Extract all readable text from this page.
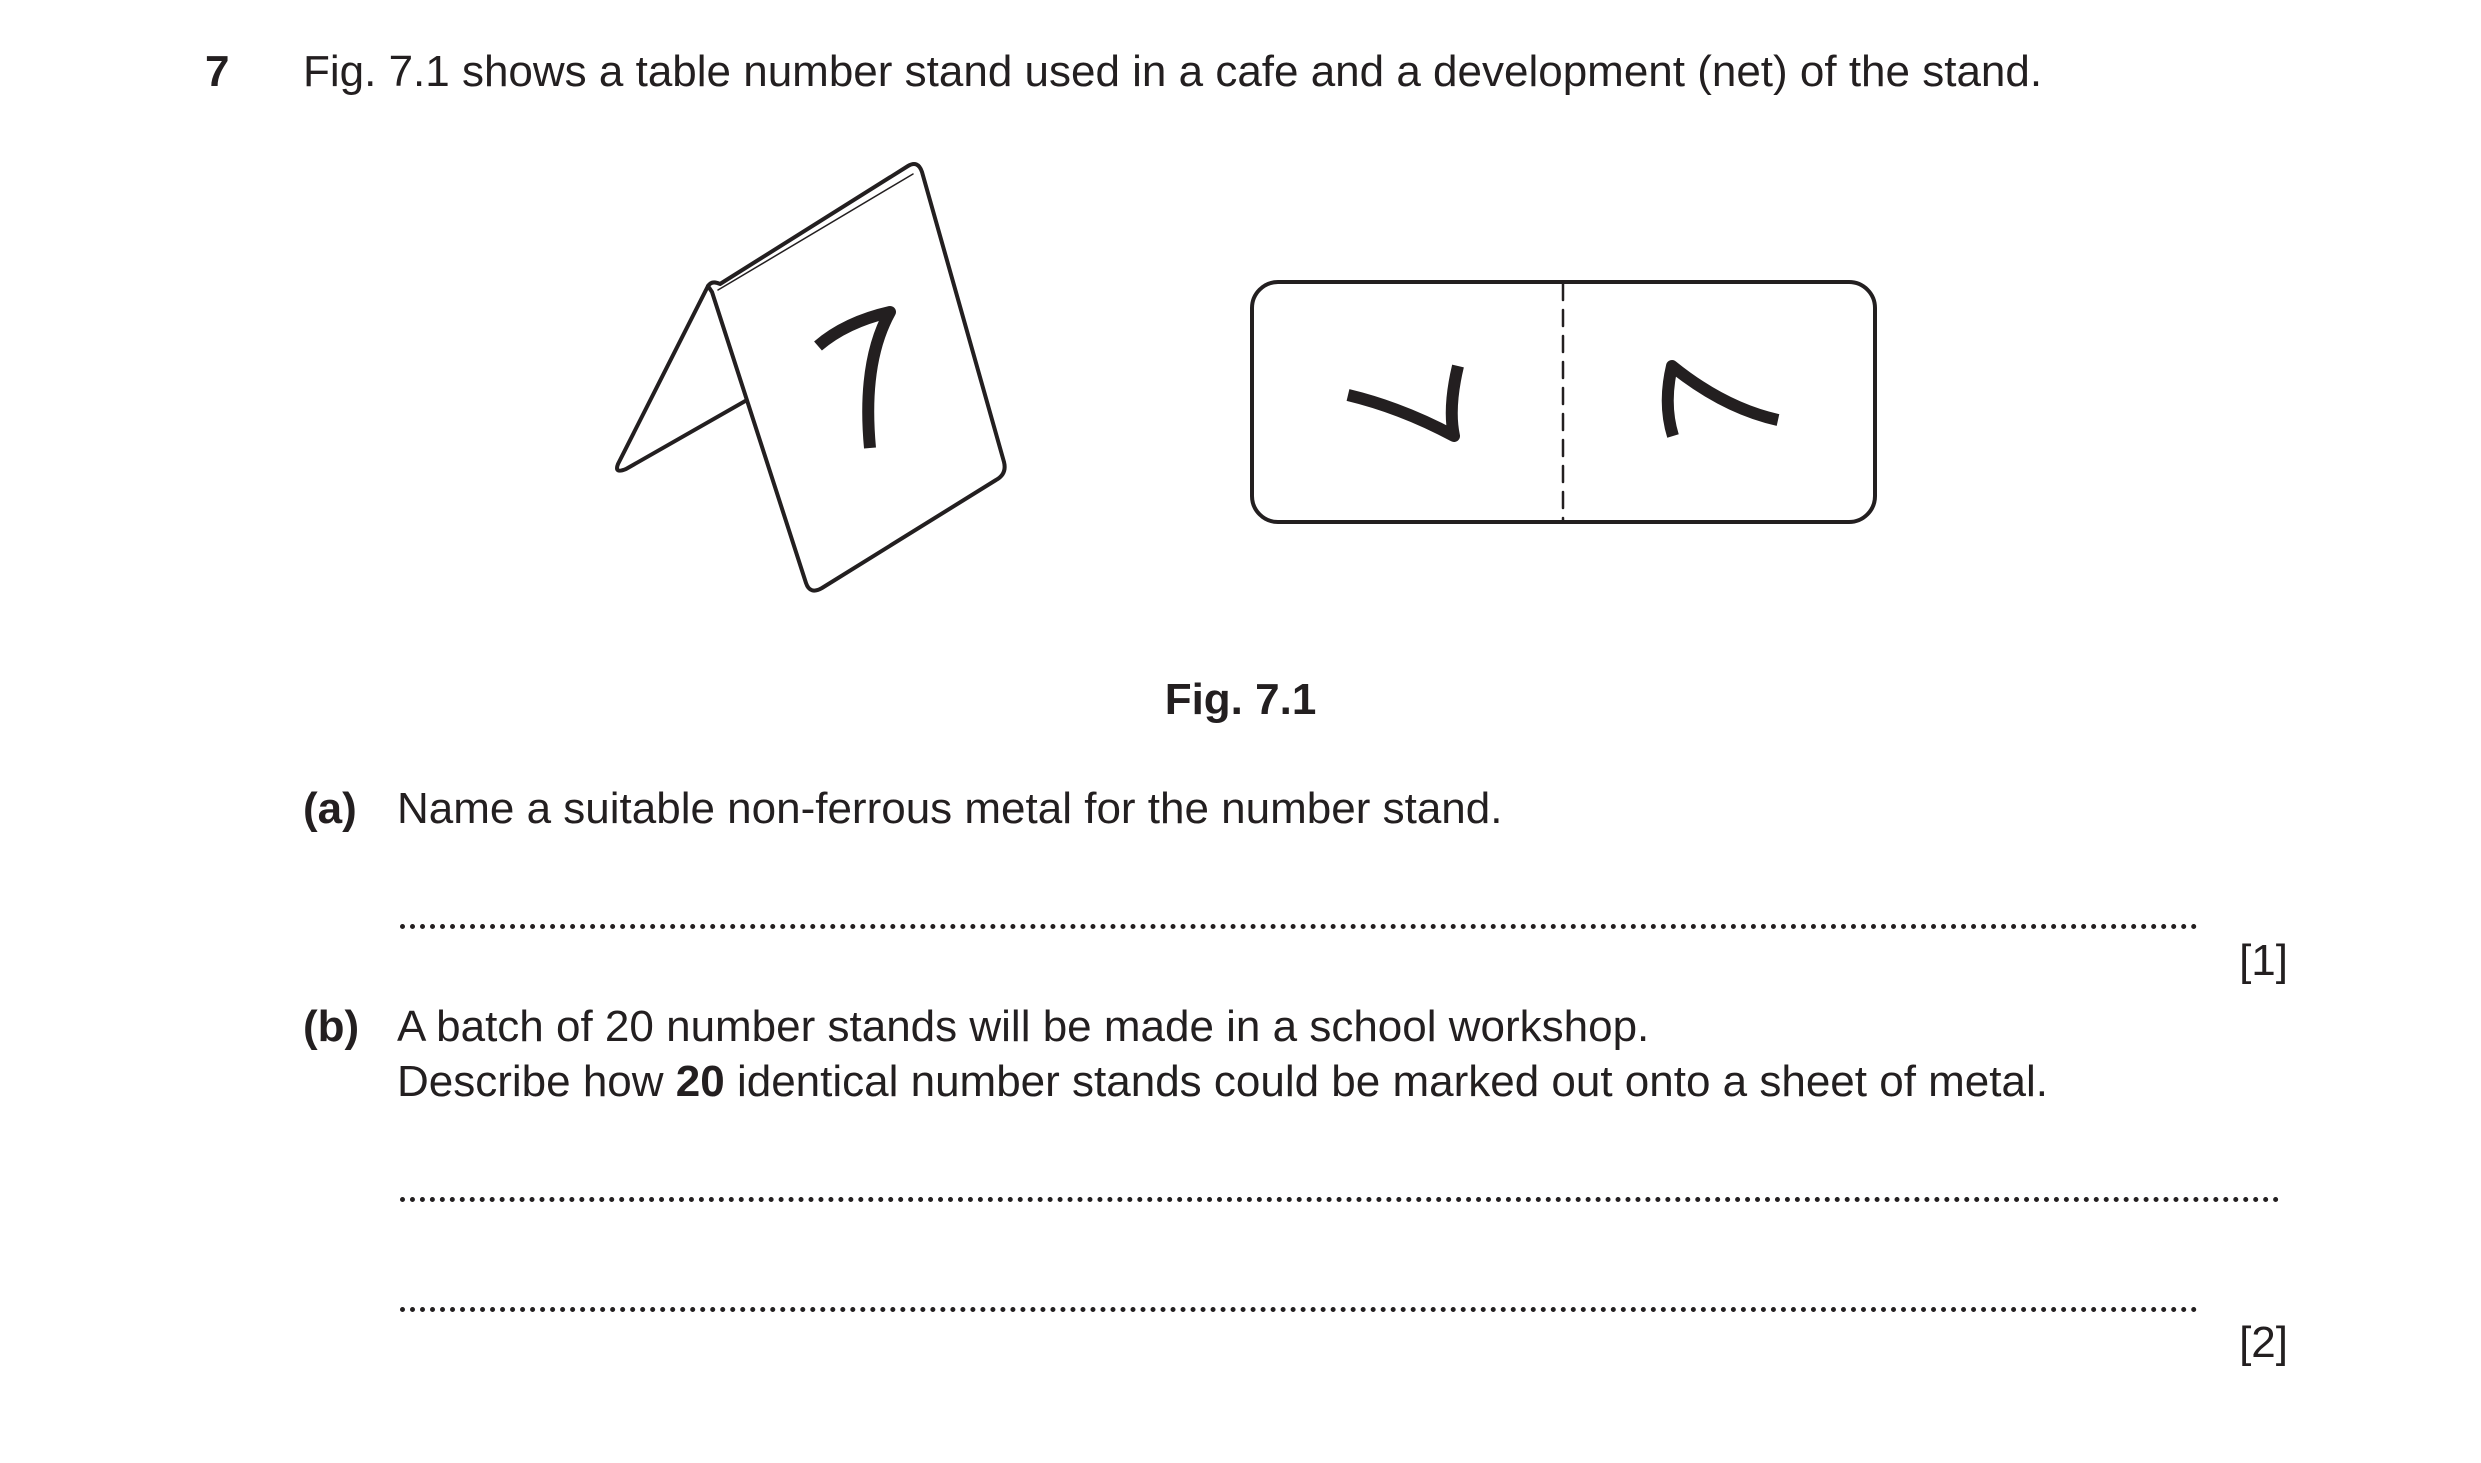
7 Fig. 7.1 shows a table number stand used in a cafe and a development (net) of the stand.

Fig. 7.1

(a) Name a suitable non-ferrous metal for the number stand.

[1]

(b) A batch of 20 number stands will be made in a school workshop.

Describe how 20 identical number stands could be marked out onto a sheet of metal.

[2]
